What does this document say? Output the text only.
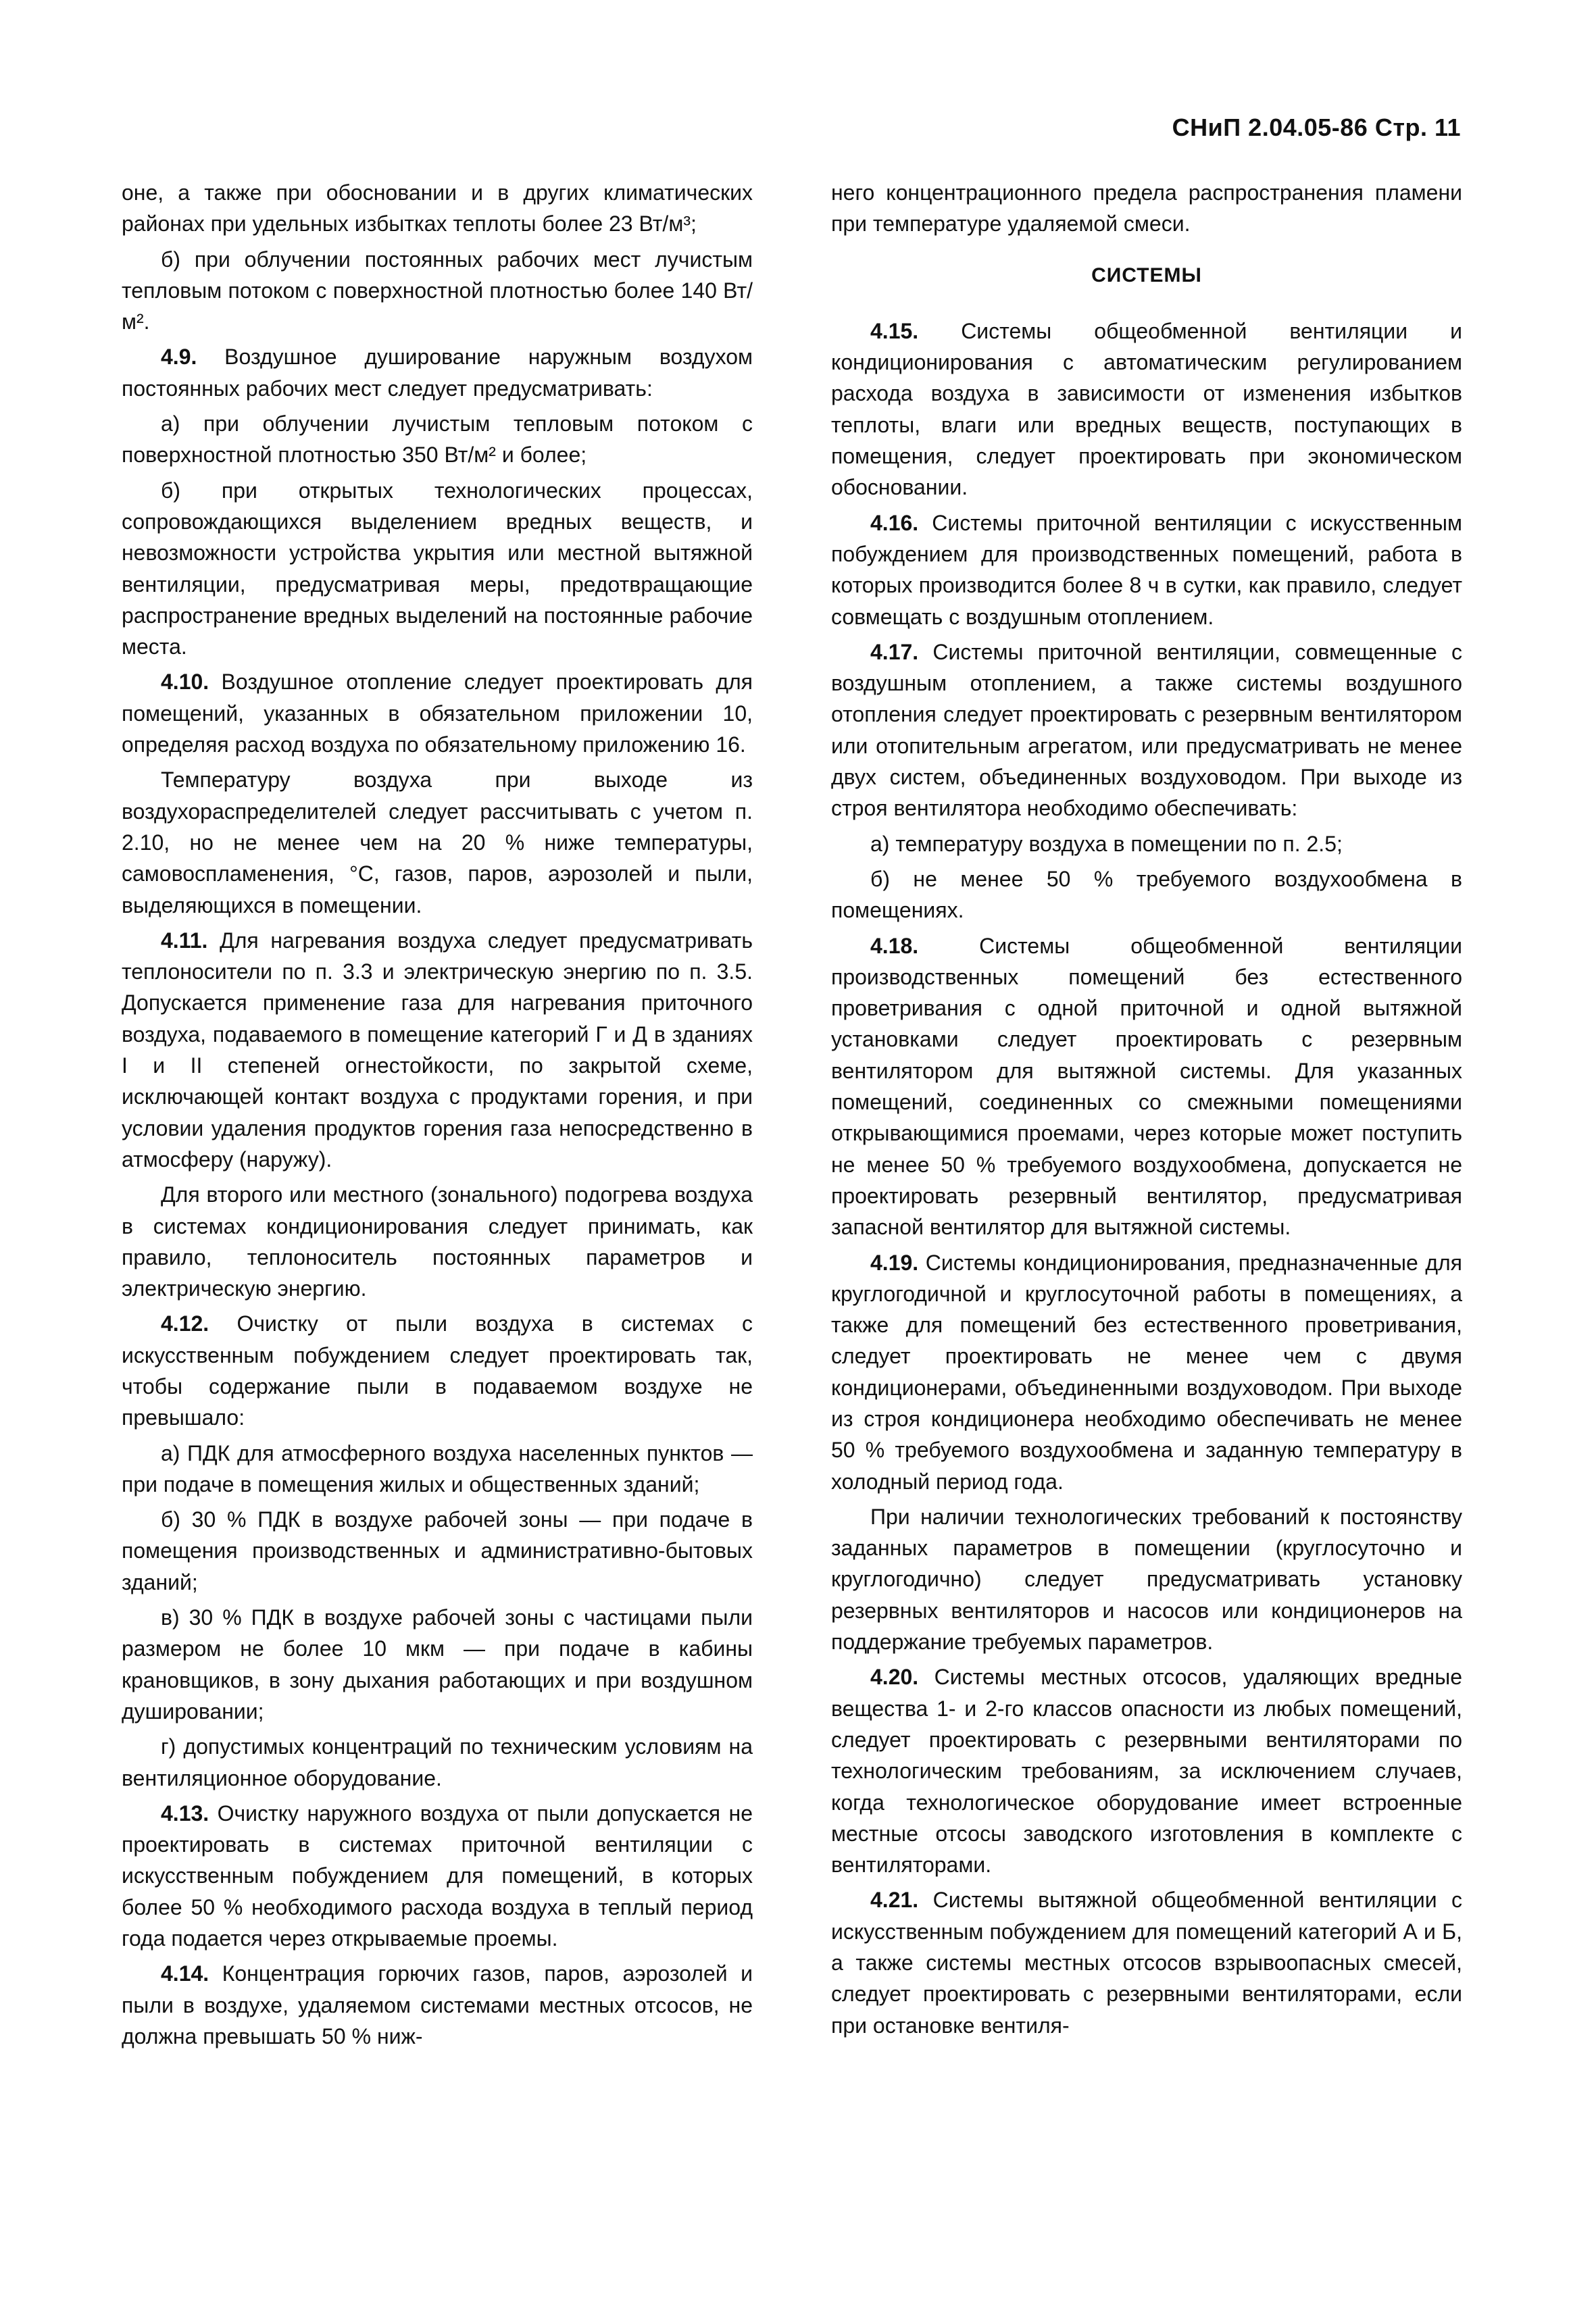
СНиП 2.04.05-86 Стр. 11

оне, а также при обосновании и в других климатических районах при удельных избытках теплоты более 23 Вт/м³;

б) при облучении постоянных рабочих мест лучистым тепловым потоком с поверхностной плотностью более 140 Вт/м².

4.9. Воздушное душирование наружным воздухом постоянных рабочих мест следует предусматривать:

а) при облучении лучистым тепловым потоком с поверхностной плотностью 350 Вт/м² и более;

б) при открытых технологических процессах, сопровождающихся выделением вредных веществ, и невозможности устройства укрытия или местной вытяжной вентиляции, предусматривая меры, предотвращающие распространение вредных выделений на постоянные рабочие места.

4.10. Воздушное отопление следует проектировать для помещений, указанных в обязательном приложении 10, определяя расход воздуха по обязательному приложению 16.

Температуру воздуха при выходе из воздухораспределителей следует рассчитывать с учетом п. 2.10, но не менее чем на 20 % ниже температуры, самовоспламенения, °С, газов, паров, аэрозолей и пыли, выделяющихся в помещении.

4.11. Для нагревания воздуха следует предусматривать теплоносители по п. 3.3 и электрическую энергию по п. 3.5. Допускается применение газа для нагревания приточного воздуха, подаваемого в помещение категорий Г и Д в зданиях I и II степеней огнестойкости, по закрытой схеме, исключающей контакт воздуха с продуктами горения, и при условии удаления продуктов горения газа непосредственно в атмосферу (наружу).

Для второго или местного (зонального) подогрева воздуха в системах кондиционирования следует принимать, как правило, теплоноситель постоянных параметров и электрическую энергию.

4.12. Очистку от пыли воздуха в системах с искусственным побуждением следует проектировать так, чтобы содержание пыли в подаваемом воздухе не превышало:

а) ПДК для атмосферного воздуха населенных пунктов — при подаче в помещения жилых и общественных зданий;

б) 30 % ПДК в воздухе рабочей зоны — при подаче в помещения производственных и административно-бытовых зданий;

в) 30 % ПДК в воздухе рабочей зоны с частицами пыли размером не более 10 мкм — при подаче в кабины крановщиков, в зону дыхания работающих и при воздушном душировании;

г) допустимых концентраций по техническим условиям на вентиляционное оборудование.

4.13. Очистку наружного воздуха от пыли допускается не проектировать в системах приточной вентиляции с искусственным побуждением для помещений, в которых более 50 % необходимого расхода воздуха в теплый период года подается через открываемые проемы.

4.14. Концентрация горючих газов, паров, аэрозолей и пыли в воздухе, удаляемом системами местных отсосов, не должна превышать 50 % ниж-

него концентрационного предела распространения пламени при температуре удаляемой смеси.

СИСТЕМЫ

4.15. Системы общеобменной вентиляции и кондиционирования с автоматическим регулированием расхода воздуха в зависимости от изменения избытков теплоты, влаги или вредных веществ, поступающих в помещения, следует проектировать при экономическом обосновании.

4.16. Системы приточной вентиляции с искусственным побуждением для производственных помещений, работа в которых производится более 8 ч в сутки, как правило, следует совмещать с воздушным отоплением.

4.17. Системы приточной вентиляции, совмещенные с воздушным отоплением, а также системы воздушного отопления следует проектировать с резервным вентилятором или отопительным агрегатом, или предусматривать не менее двух систем, объединенных воздуховодом. При выходе из строя вентилятора необходимо обеспечивать:

а) температуру воздуха в помещении по п. 2.5;

б) не менее 50 % требуемого воздухообмена в помещениях.

4.18.	Системы общеобменной вентиляции производственных помещений без естественного проветривания с одной приточной и одной вытяжной установками следует проектировать с резервным вентилятором для вытяжной системы. Для указанных помещений, соединенных со смежными помещениями открывающимися проемами, через которые может поступить не менее 50 % требуемого воздухообмена, допускается не проектировать резервный вентилятор, предусматривая запасной вентилятор для вытяжной системы.

4.19. Системы кондиционирования, предназначенные для круглогодичной и круглосуточной работы в помещениях, а также для помещений без естественного проветривания, следует проектировать не менее чем с двумя кондиционерами, объединенными воздуховодом. При выходе из строя кондиционера необходимо обеспечивать не менее 50 % требуемого воздухообмена и заданную температуру в холодный период года.

При наличии технологических требований к постоянству заданных параметров в помещении (круглосуточно и круглогодично) следует предусматривать установку резервных вентиляторов и насосов или кондиционеров на поддержание требуемых параметров.

4.20. Системы местных отсосов, удаляющих вредные вещества 1- и 2-го классов опасности из любых помещений, следует проектировать с резервными вентиляторами по технологическим требованиям, за исключением случаев, когда технологическое оборудование имеет встроенные местные отсосы заводского изготовления в комплекте с вентиляторами.

4.21. Системы вытяжной общеобменной вентиляции с искусственным побуждением для помещений категорий А и Б, а также системы местных отсосов взрывоопасных смесей, следует проектировать с резервными вентиляторами, если при остановке вентиля-
